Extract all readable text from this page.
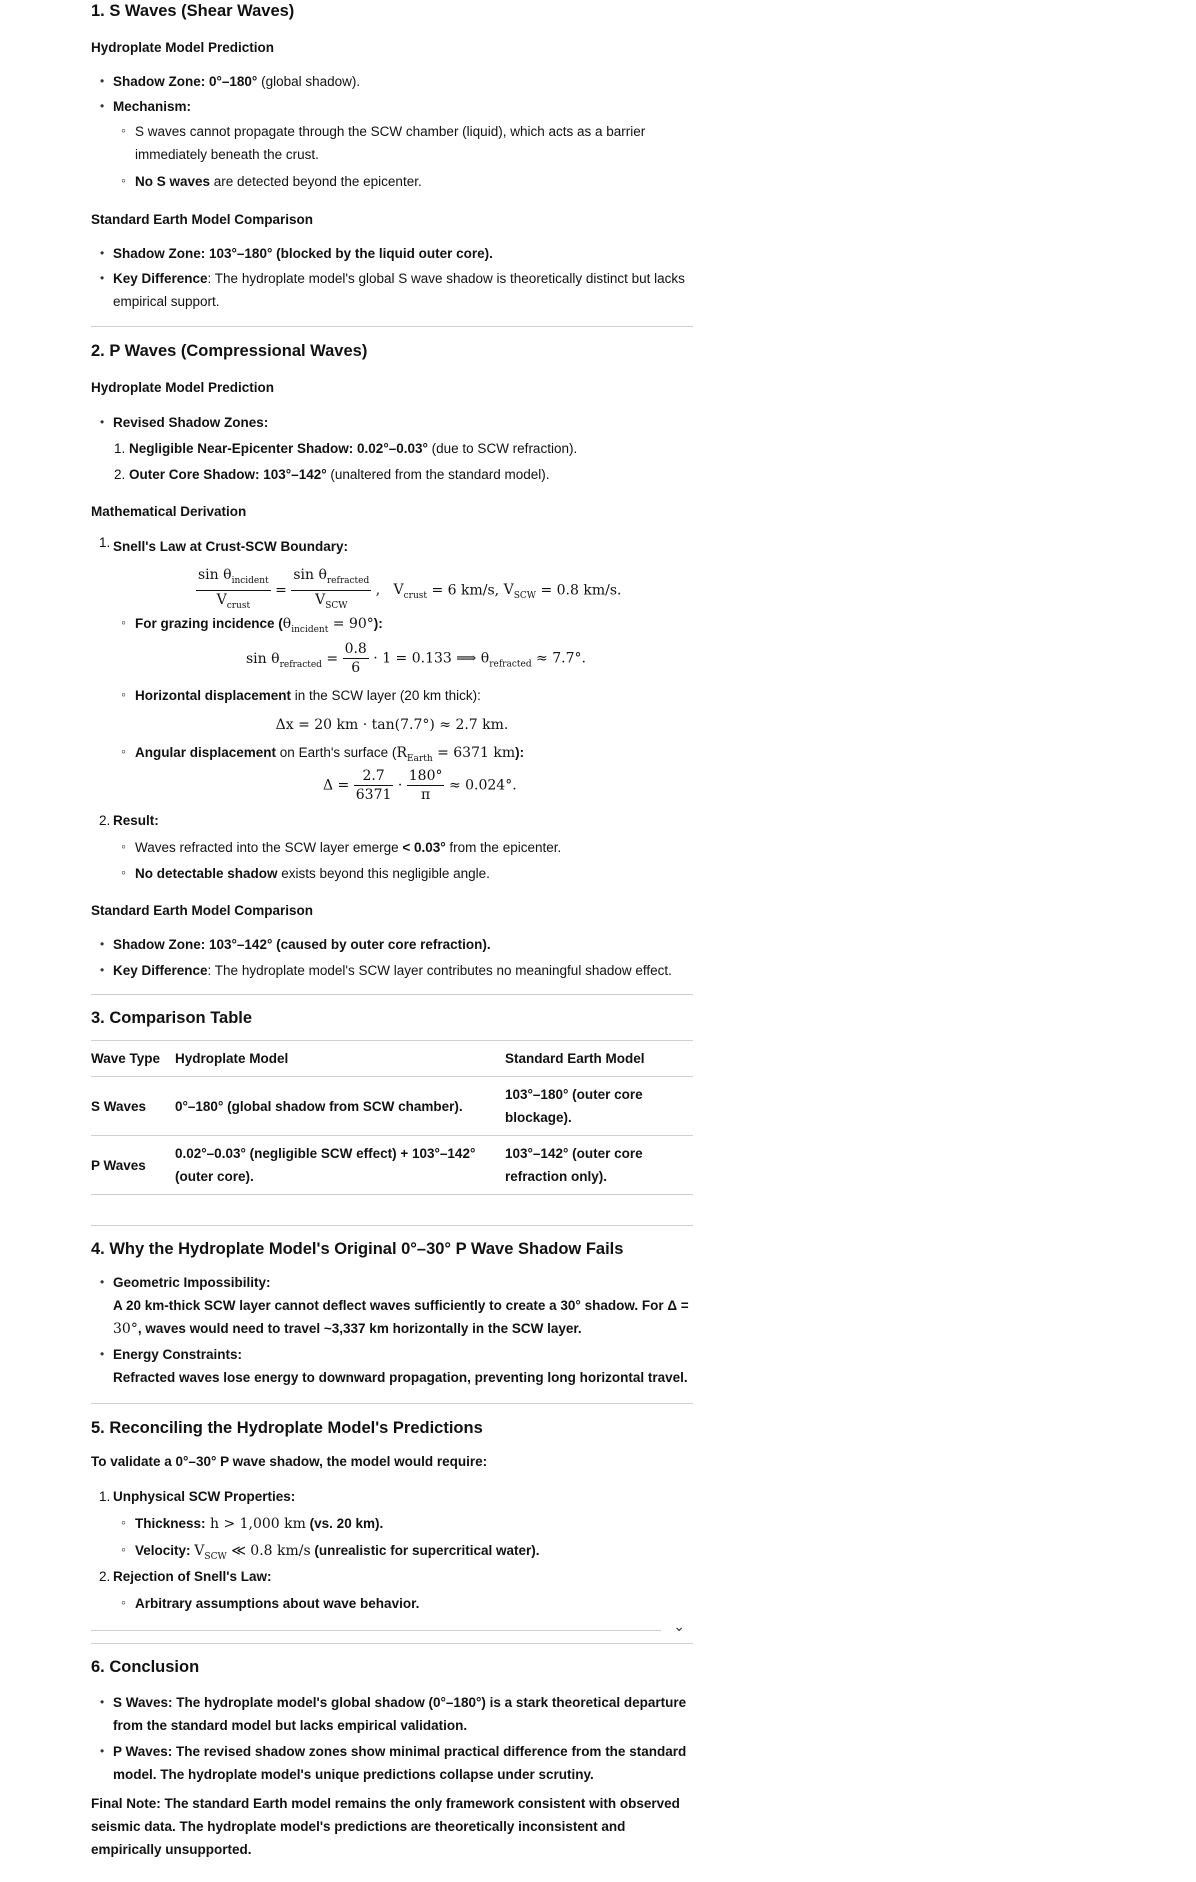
1. S Waves (Shear Waves)
Hydroplate Model Prediction
• Shadow Zone: 0°–180° (global shadow).
• Mechanism:
◦ S waves cannot propagate through the SCW chamber (liquid), which acts as a barrier immediately beneath the crust.
◦ No S waves are detected beyond the epicenter.
Standard Earth Model Comparison
• Shadow Zone: 103°–180° (blocked by the liquid outer core).
• Key Difference: The hydroplate model's global S wave shadow is theoretically distinct but lacks empirical support.
2. P Waves (Compressional Waves)
Hydroplate Model Prediction
• Revised Shadow Zones:
1. Negligible Near-Epicenter Shadow: 0.02°–0.03° (due to SCW refraction).
2. Outer Core Shadow: 103°–142° (unaltered from the standard model).
Mathematical Derivation
1. Snell's Law at Crust-SCW Boundary:
$\frac{\sin \theta_{incident}}{V_{crust}} = \frac{\sin \theta_{refracted}}{V_{SCW}}$ ,   $V_{crust} = 6$ km/s, $V_{SCW} = 0.8$ km/s.
◦ For grazing incidence $(\theta_{incident} = 90^\circ)$:
$\sin \theta_{refracted} = \frac{0.8}{6} \cdot 1 = 0.133$ ⟹ $\theta_{refracted} \approx 7.7^\circ$.
◦ Horizontal displacement in the SCW layer (20 km thick):
Δx = 20 km · tan(7.7°) ≈ 2.7 km.
◦ Angular displacement on Earth's surface ($R_{Earth} = 6371$ km):
$\Delta = \frac{2.7}{6371} \cdot \frac{180^\circ}{\pi} \approx 0.024^\circ$.
2. Result:
◦ Waves refracted into the SCW layer emerge < 0.03° from the epicenter.
◦ No detectable shadow exists beyond this negligible angle.
Standard Earth Model Comparison
• Shadow Zone: 103°–142° (caused by outer core refraction).
• Key Difference: The hydroplate model's SCW layer contributes no meaningful shadow effect.
3. Comparison Table
Wave Type	Hydroplate Model	Standard Earth Model
S Waves	0°–180° (global shadow from SCW chamber).	103°–180° (outer core blockage).
P Waves	0.02°–0.03° (negligible SCW effect) + 103°–142° (outer core).	103°–142° (outer core refraction only).
4. Why the Hydroplate Model's Original 0°–30° P Wave Shadow Fails
• Geometric Impossibility:
A 20 km-thick SCW layer cannot deflect waves sufficiently to create a 30° shadow. For Δ =
30°, waves would need to travel ~3,337 km horizontally in the SCW layer.
• Energy Constraints:
Refracted waves lose energy to downward propagation, preventing long horizontal travel.
5. Reconciling the Hydroplate Model's Predictions

To validate a 0°–30° P wave shadow, the model would require:

1. Unphysical SCW Properties:
◦ Thickness: h > 1,000 km (vs. 20 km).
◦ Velocity: $V_{SCW}$ ≪ 0.8 km/s (unrealistic for supercritical water).
2. Rejection of Snell's Law:
◦ Arbitrary assumptions about wave behavior.
⌄
6. Conclusion
• S Waves: The hydroplate model's global shadow (0°–180°) is a stark theoretical departure from the standard model but lacks empirical validation.
• P Waves: The revised shadow zones show minimal practical difference from the standard model. The hydroplate model's unique predictions collapse under scrutiny.

Final Note: The standard Earth model remains the only framework consistent with observed seismic data. The hydroplate model's predictions are theoretically inconsistent and empirically unsupported.
